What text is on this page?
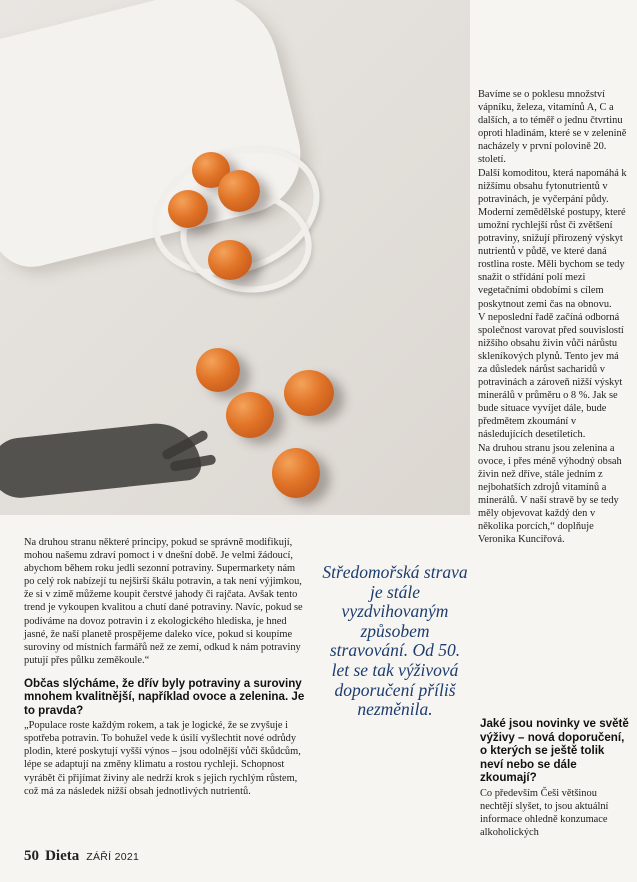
Bavíme se o poklesu množství vápníku, železa, vitamínů A, C a dalších, a to téměř o jednu čtvrtinu oproti hladinám, které se v zelenině nacházely v první polovině 20. století.

Další komoditou, která napomáhá k nižšímu obsahu fytonutrientů v potravinách, je vyčerpání půdy. Moderní zemědělské postupy, které umožní rychlejší růst či zvětšení potraviny, snižují přirozený výskyt nutrientů v půdě, ve které daná rostlina roste. Měli bychom se tedy snažit o střídání polí mezi vegetačními obdobími s cílem poskytnout zemi čas na obnovu.

V neposlední řadě začíná odborná společnost varovat před souvislostí nižšího obsahu živin vůči nárůstu skleníkových plynů. Tento jev má za důsledek nárůst sacharidů v potravinách a zároveň nižší výskyt minerálů v průměru o 8 %. Jak se bude situace vyvíjet dále, bude předmětem zkoumání v následujících desetiletích.

Na druhou stranu jsou zelenina a ovoce, i přes méně výhodný obsah živin než dříve, stále jedním z nejbohatších zdrojů vitamínů a minerálů. V naší stravě by se tedy měly objevovat každý den v několika porcích,“ doplňuje Veronika Kunciřová.

Na druhou stranu některé principy, pokud se správně modifikují, mohou našemu zdraví pomoct i v dnešní době. Je velmi žádoucí, abychom během roku jedli sezonní potraviny. Supermarkety nám po celý rok nabízejí tu nejširší škálu potravin, a tak není výjimkou, že si v zimě můžeme koupit čerstvé jahody či rajčata. Avšak tento trend je vykoupen kvalitou a chutí dané potraviny. Navíc, pokud se podíváme na dovoz potravin i z ekologického hlediska, je hned jasné, že naší planetě prospějeme daleko více, pokud si koupíme suroviny od místních farmářů než ze zemí, odkud k nám potraviny putují přes půlku zeměkoule.“

Občas slýcháme, že dřív byly potraviny a suroviny mnohem kvalitnější, například ovoce a zelenina. Je to pravda?

„Populace roste každým rokem, a tak je logické, že se zvyšuje i spotřeba potravin. To bohužel vede k úsilí vyšlechtit nové odrůdy plodin, které poskytují vyšší výnos – jsou odolnější vůči škůdcům, lépe se adaptují na změny klimatu a rostou rychleji. Schopnost vyrábět či přijímat živiny ale nedrží krok s jejich rychlým růstem, což má za následek nižší obsah jednotlivých nutrientů.

Středomořská strava je stále vyzdvihovaným způsobem stravování. Od 50. let se tak výživová doporučení příliš nezměnila.
Jaké jsou novinky ve světě výživy – nová doporučení, o kterých se ještě tolik neví nebo se dále zkoumají?

Co především Češi většinou nechtějí slyšet, to jsou aktuální informace ohledně konzumace alkoholických

50 Dieta ZÁŘÍ 2021
